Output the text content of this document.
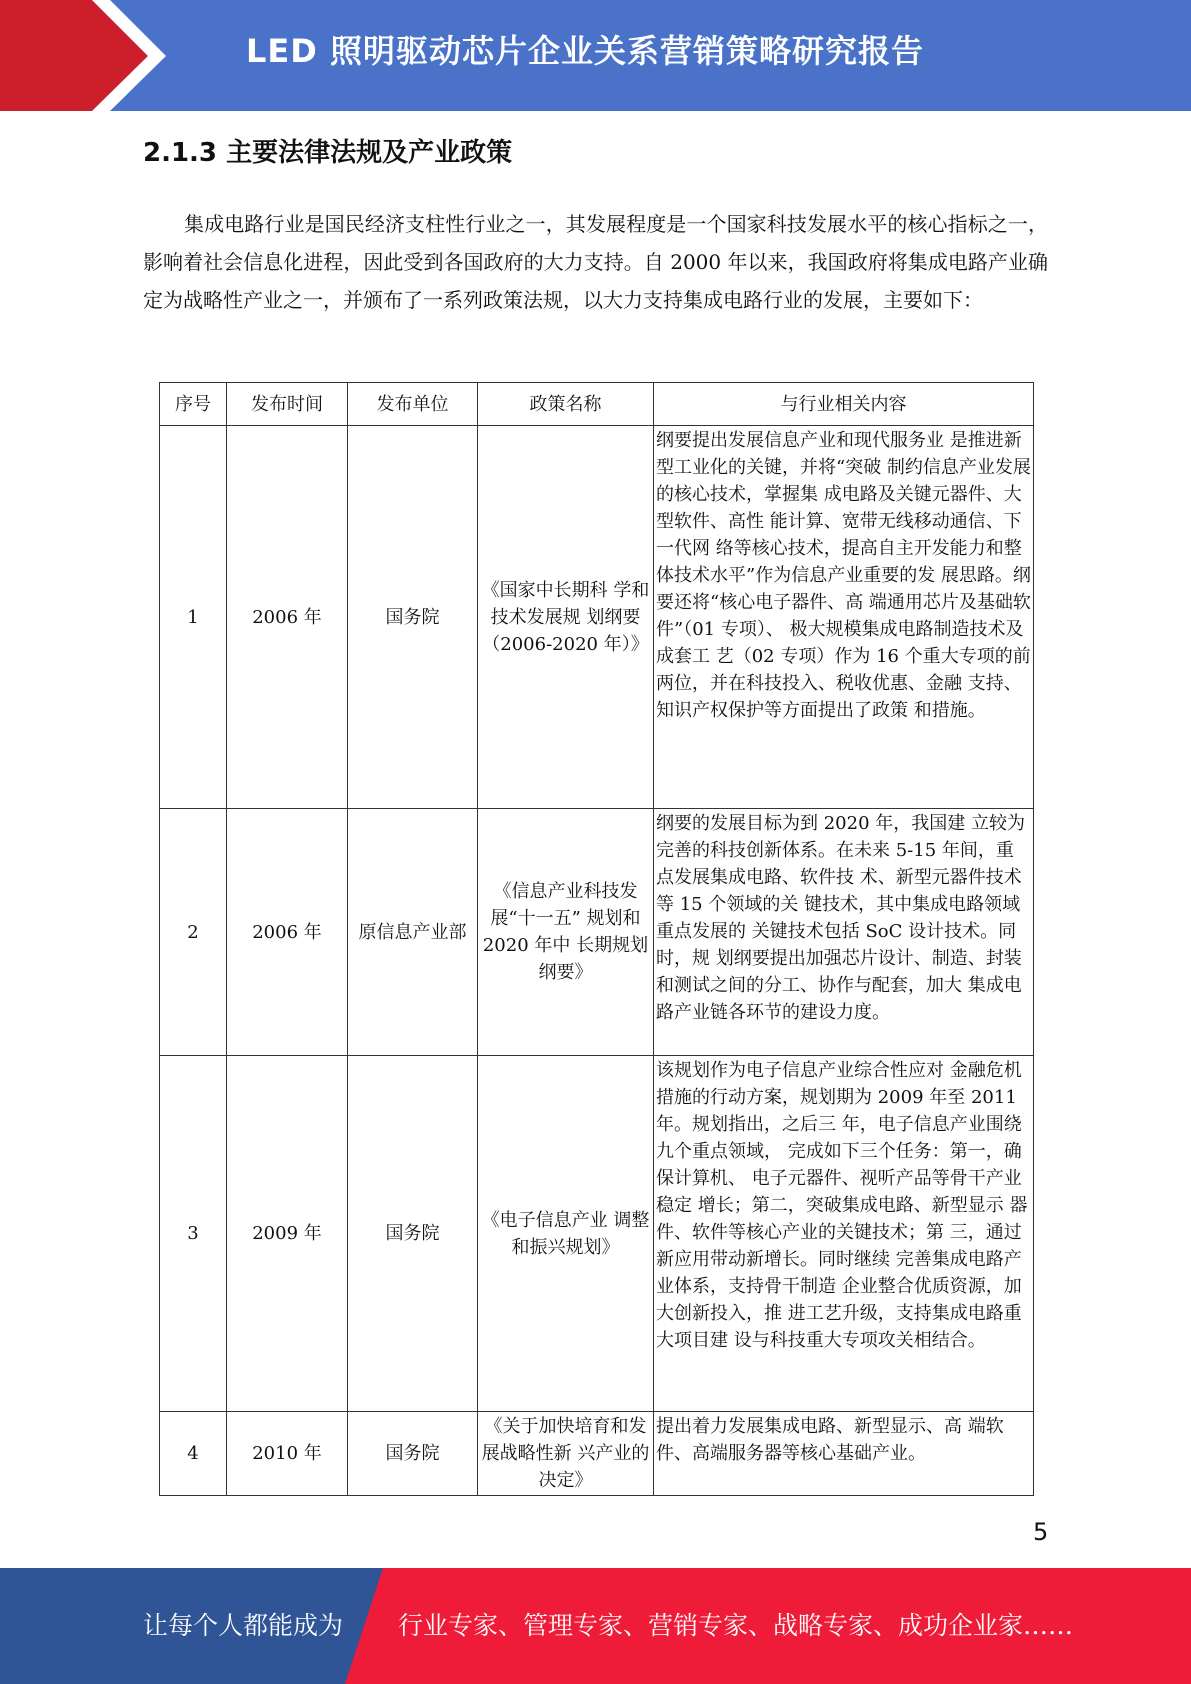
LED 照明驱动芯片企业关系营销策略研究报告
2.1.3 主要法律法规及产业政策

集成电路行业是国民经济支柱性行业之一，其发展程度是一个国家科技发展水平的核心指标之一，影响着社会信息化进程，因此受到各国政府的大力支持。自 2000 年以来，我国政府将集成电路产业确定为战略性产业之一，并颁布了一系列政策法规，以大力支持集成电路行业的发展，主要如下：

序号	发布时间	发布单位	政策名称	与行业相关内容
1	2006 年	国务院	《国家中长期科 学和技术发展规 划纲要（2006-2020 年）》	纲要提出发展信息产业和现代服务业 是推进新型工业化的关键，并将“突破 制约信息产业发展的核心技术，掌握集 成电路及关键元器件、大型软件、高性 能计算、宽带无线移动通信、下一代网 络等核心技术，提高自主开发能力和整 体技术水平”作为信息产业重要的发 展思路。纲要还将“核心电子器件、高 端通用芯片及基础软件”（01 专项）、 极大规模集成电路制造技术及成套工 艺（02 专项）作为 16 个重大专项的前 两位，并在科技投入、税收优惠、金融 支持、知识产权保护等方面提出了政策 和措施。
2	2006 年	原信息产业部	《信息产业科技发展“十一五” 规划和 2020 年中 长期规划纲要》	纲要的发展目标为到 2020 年，我国建 立较为完善的科技创新体系。在未来 5-15 年间，重点发展集成电路、软件技 术、新型元器件技术等 15 个领域的关 键技术，其中集成电路领域重点发展的 关键技术包括 SoC 设计技术。同时，规 划纲要提出加强芯片设计、制造、封装 和测试之间的分工、协作与配套，加大 集成电路产业链各环节的建设力度。
3	2009 年	国务院	《电子信息产业 调整和振兴规划》	该规划作为电子信息产业综合性应对 金融危机措施的行动方案，规划期为 2009 年至 2011 年。规划指出，之后三 年，电子信息产业围绕九个重点领域， 完成如下三个任务：第一，确保计算机、 电子元器件、视听产品等骨干产业稳定 增长；第二，突破集成电路、新型显示 器件、软件等核心产业的关键技术；第 三，通过新应用带动新增长。同时继续 完善集成电路产业体系，支持骨干制造 企业整合优质资源，加大创新投入，推 进工艺升级，支持集成电路重大项目建 设与科技重大专项攻关相结合。
4	2010 年	国务院	《关于加快培育和发展战略性新 兴产业的决定》	提出着力发展集成电路、新型显示、高 端软件、高端服务器等核心基础产业。
5
让每个人都能成为 行业专家、管理专家、营销专家、战略专家、成功企业家……
